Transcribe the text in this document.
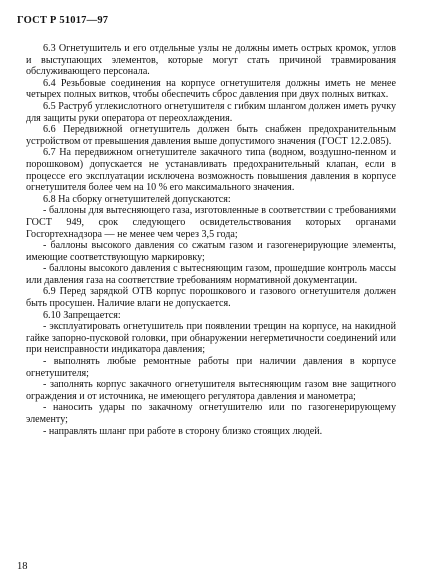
ГОСТ Р 51017—97

6.3 Огнетушитель и его отдельные узлы не должны иметь острых кромок, углов и выступающих элементов, которые могут стать причиной травмирования обслуживающего персонала.

6.4 Резьбовые соединения на корпусе огнетушителя должны иметь не менее четырех полных витков, чтобы обеспечить сброс давления при двух полных витках.

6.5 Раструб углекислотного огнетушителя с гибким шлангом должен иметь ручку для защиты руки оператора от переохлаждения.

6.6 Передвижной огнетушитель должен быть снабжен предохранительным устройством от превышения давления выше допустимого значения (ГОСТ 12.2.085).

6.7 На передвижном огнетушителе закачного типа (водном, воздушно-пенном и порошковом) допускается не устанавливать предохранительный клапан, если в процессе его эксплуатации исключена возможность повышения давления в корпусе огнетушителя более чем на 10 % его максимального значения.

6.8 На сборку огнетушителей допускаются:

- баллоны для вытесняющего газа, изготовленные в соответствии с требованиями ГОСТ 949, срок следующего освидетельствования которых органами Госгортехнадзора — не менее чем через 3,5 года;

- баллоны высокого давления со сжатым газом и газогенерирующие элементы, имеющие соответствующую маркировку;

- баллоны высокого давления с вытесняющим газом, прошедшие контроль массы или давления газа на соответствие требованиям нормативной документации.

6.9 Перед зарядкой ОТВ корпус порошкового и газового огнетушителя должен быть просушен. Наличие влаги не допускается.

6.10 Запрещается:

- эксплуатировать огнетушитель при появлении трещин на корпусе, на накидной гайке запорно-пусковой головки, при обнаружении негерметичности соединений или при неисправности индикатора давления;

- выполнять любые ремонтные работы при наличии давления в корпусе огнетушителя;

- заполнять корпус закачного огнетушителя вытесняющим газом вне защитного ограждения и от источника, не имеющего регулятора давления и манометра;

- наносить удары по закачному огнетушителю или по газогенерирующему элементу;

- направлять шланг при работе в сторону близко стоящих людей.

18
